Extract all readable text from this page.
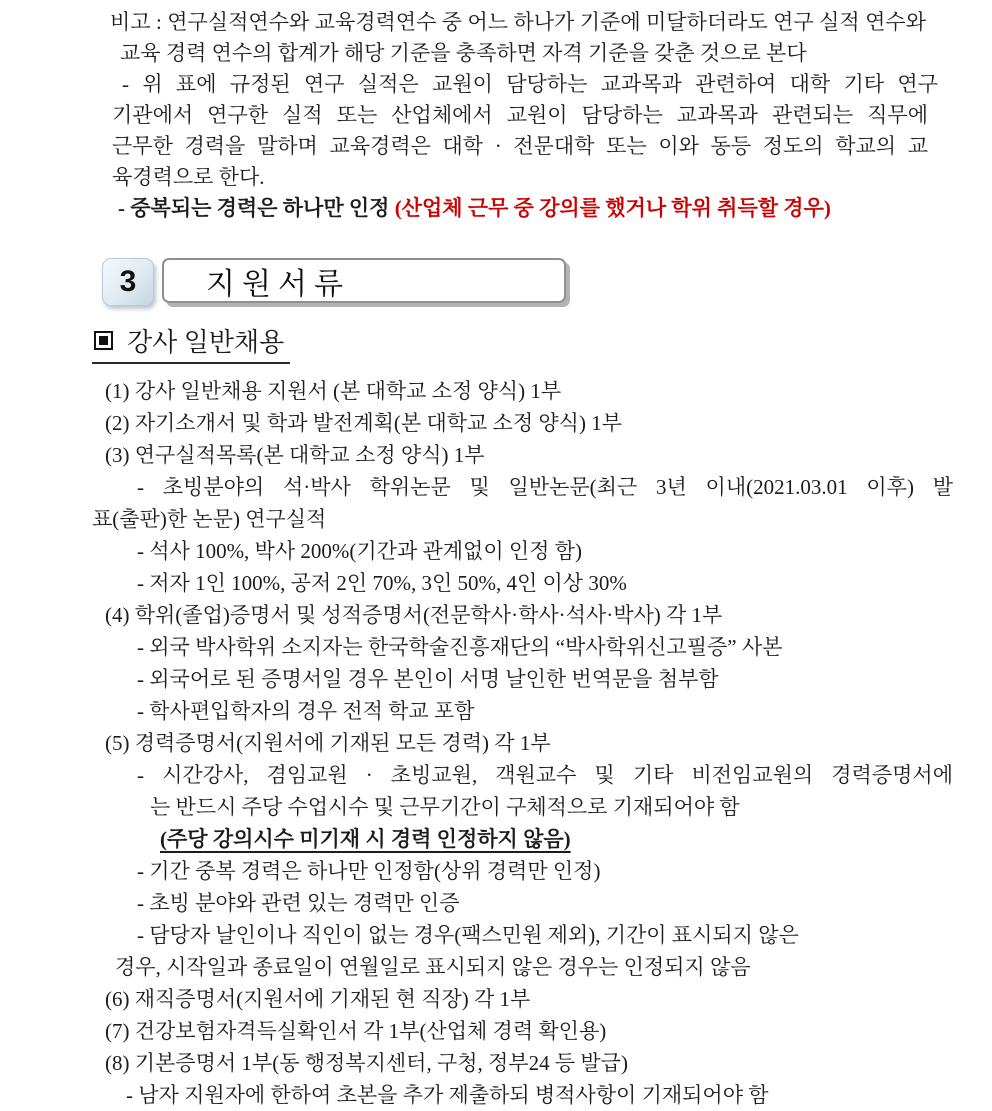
비고 : 연구실적연수와 교육경력연수 중 어느 하나가 기준에 미달하더라도 연구 실적 연수와
교육 경력 연수의 합계가 해당 기준을 충족하면 자격 기준을 갖춘 것으로 본다
- 위 표에 규정된 연구 실적은 교원이 담당하는 교과목과 관련하여 대학 기타 연구
기관에서 연구한 실적 또는 산업체에서 교원이 담당하는 교과목과 관련되는 직무에
근무한 경력을 말하며 교육경력은 대학 · 전문대학 또는 이와 동등 정도의 학교의 교
육경력으로 한다.
- 중복되는 경력은 하나만 인정 (산업체 근무 중 강의를 했거나 학위 취득할 경우)
3	지원서류
강사 일반채용
(1) 강사 일반채용 지원서 (본 대학교 소정 양식) 1부
(2) 자기소개서 및 학과 발전계획(본 대학교 소정 양식) 1부
(3) 연구실적목록(본 대학교 소정 양식) 1부
- 초빙분야의 석·박사 학위논문 및 일반논문(최근 3년 이내(2021.03.01 이후) 발
표(출판)한 논문) 연구실적
- 석사 100%, 박사 200%(기간과 관계없이 인정 함)
- 저자 1인 100%, 공저 2인 70%, 3인 50%, 4인 이상 30%
(4) 학위(졸업)증명서 및 성적증명서(전문학사·학사·석사·박사) 각 1부
- 외국 박사학위 소지자는 한국학술진흥재단의 “박사학위신고필증” 사본
- 외국어로 된 증명서일 경우 본인이 서명 날인한 번역문을 첨부함
- 학사편입학자의 경우 전적 학교 포함
(5) 경력증명서(지원서에 기재된 모든 경력) 각 1부
- 시간강사, 겸임교원 · 초빙교원, 객원교수 및 기타 비전임교원의 경력증명서에
는 반드시 주당 수업시수 및 근무기간이 구체적으로 기재되어야 함
(주당 강의시수 미기재 시 경력 인정하지 않음)
- 기간 중복 경력은 하나만 인정함(상위 경력만 인정)
- 초빙 분야와 관련 있는 경력만 인증
- 담당자 날인이나 직인이 없는 경우(팩스민원 제외), 기간이 표시되지 않은
경우, 시작일과 종료일이 연월일로 표시되지 않은 경우는 인정되지 않음
(6) 재직증명서(지원서에 기재된 현 직장) 각 1부
(7) 건강보험자격득실확인서 각 1부(산업체 경력 확인용)
(8) 기본증명서 1부(동 행정복지센터, 구청, 정부24 등 발급)
- 남자 지원자에 한하여 초본을 추가 제출하되 병적사항이 기재되어야 함
